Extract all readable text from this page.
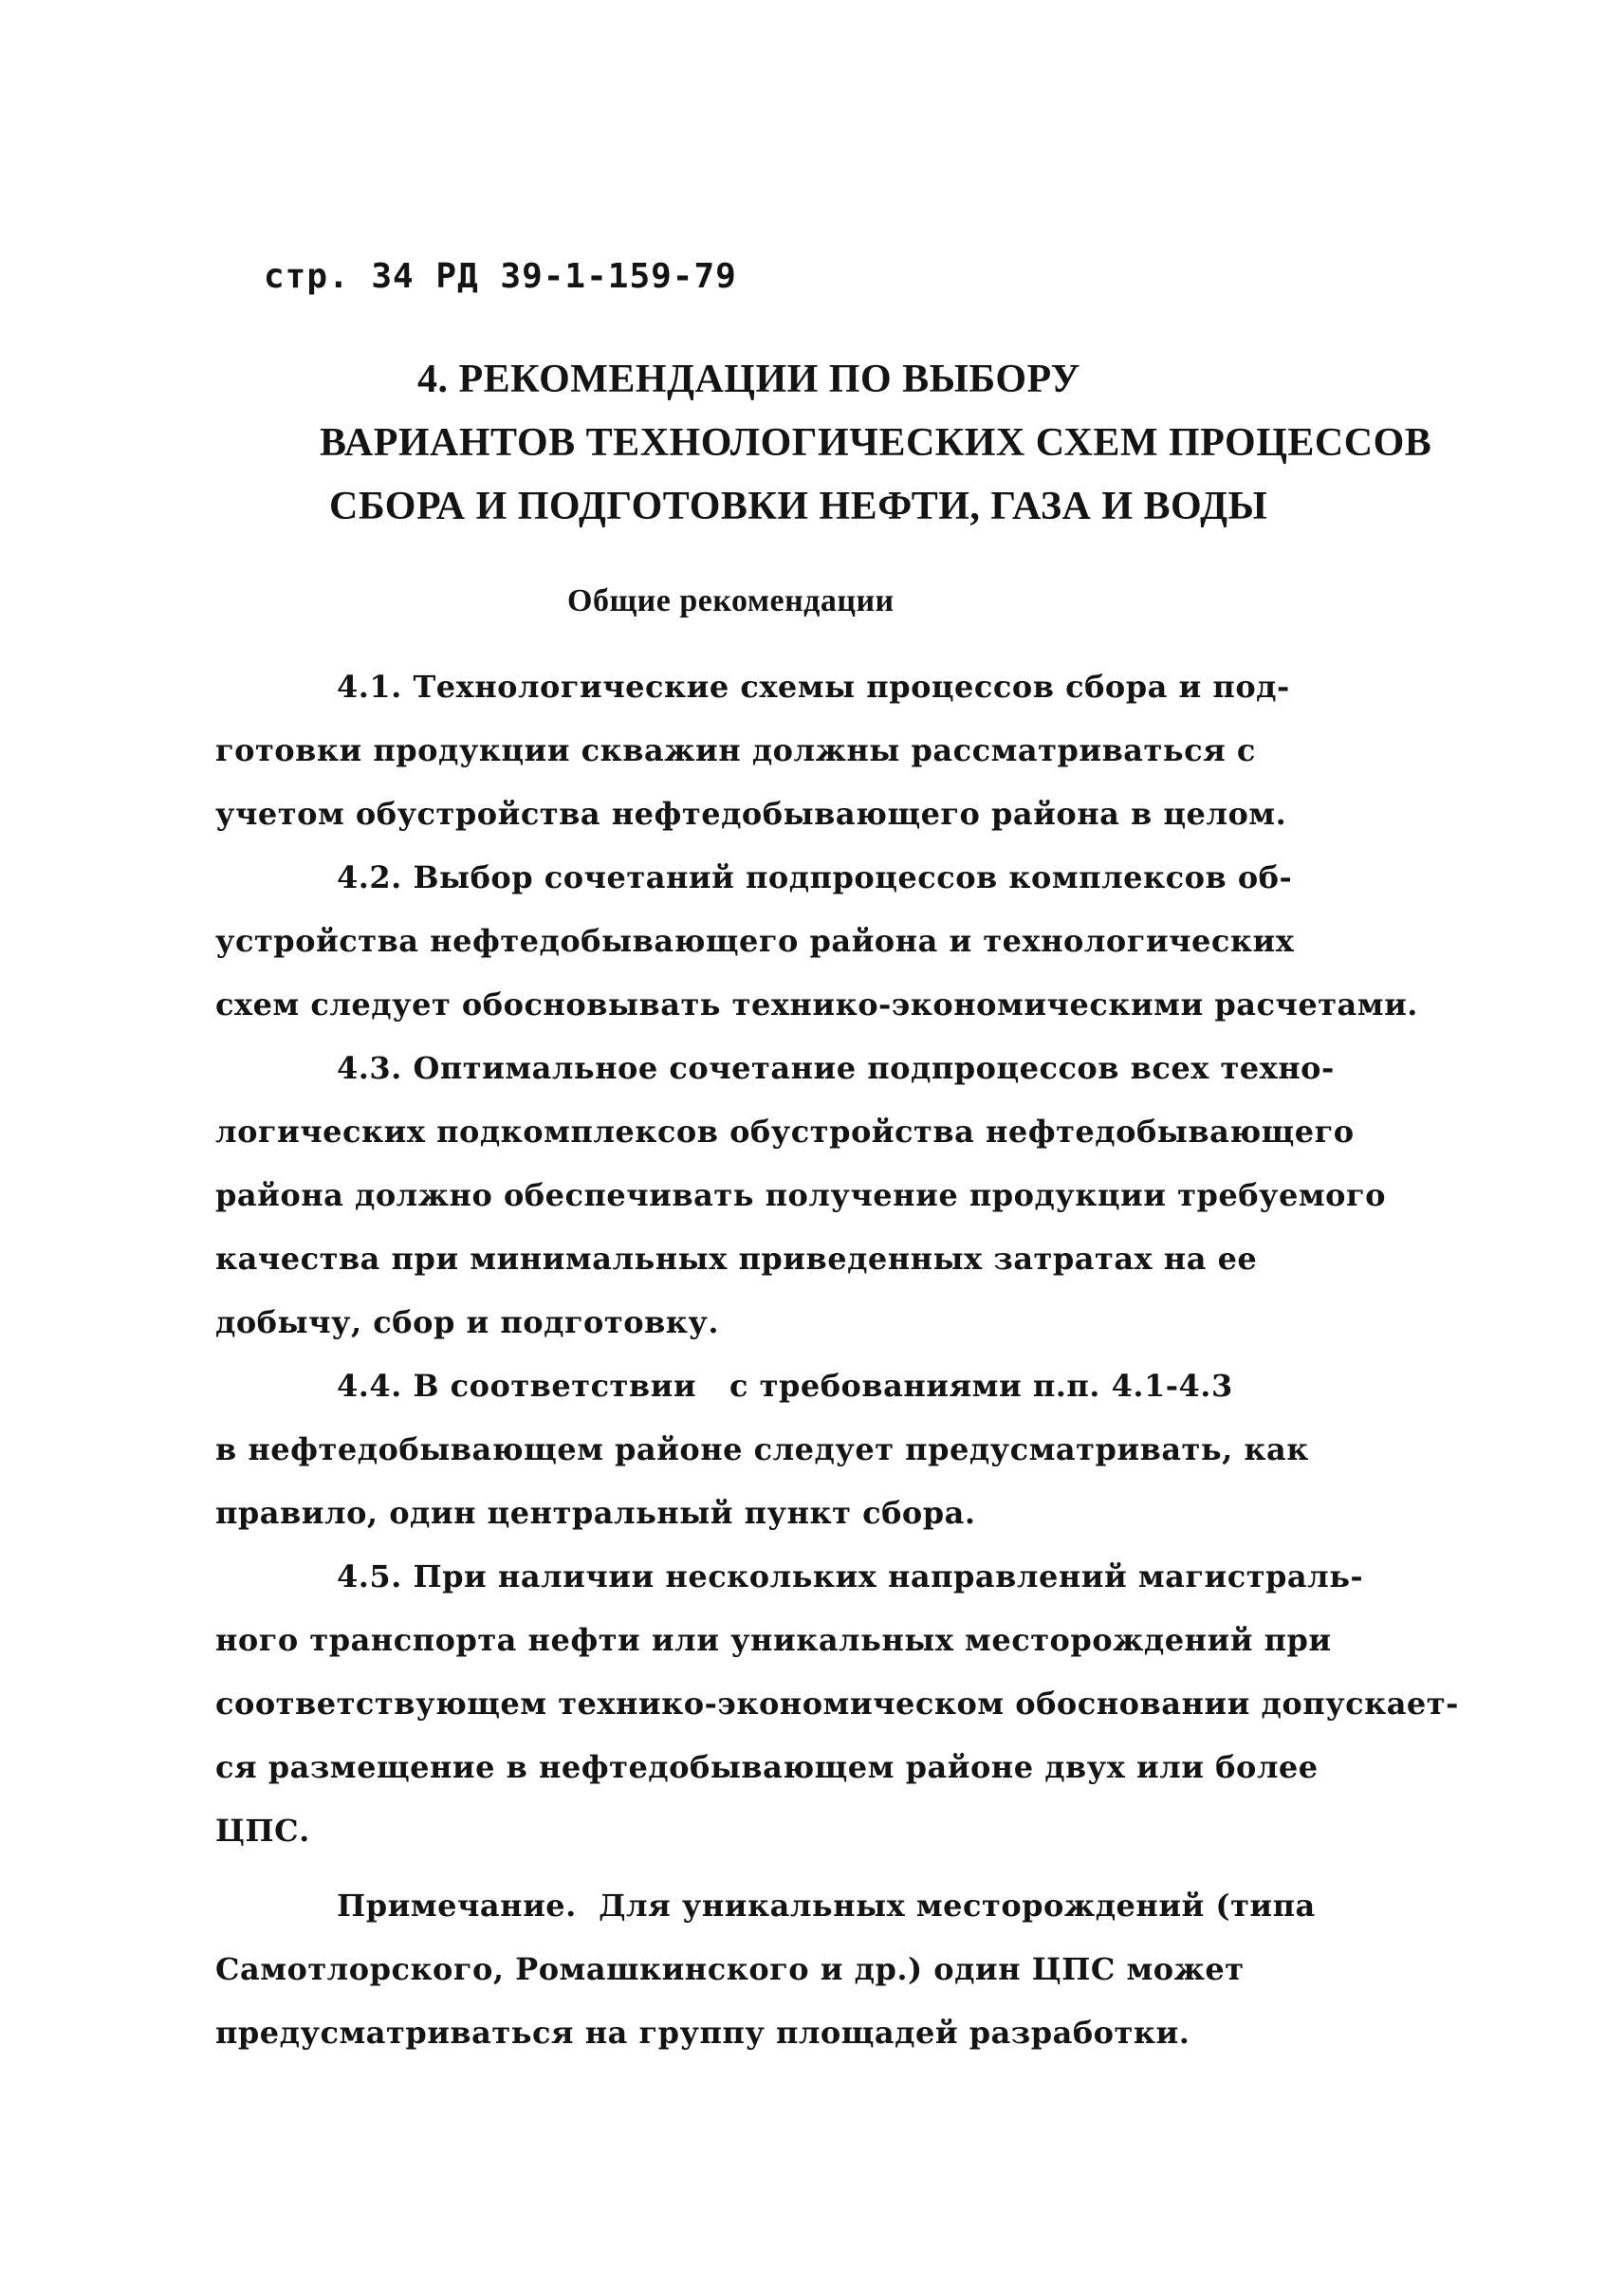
стр. 34 РД 39-1-159-79

4. РЕКОМЕНДАЦИИ ПО ВЫБОРУ

ВАРИАНТОВ ТЕХНОЛОГИЧЕСКИХ СХЕМ ПРОЦЕССОВ

СБОРА И ПОДГОТОВКИ НЕФТИ, ГАЗА И ВОДЫ

Общие рекомендации

4.1. Технологические схемы процессов сбора и под-

готовки продукции скважин должны рассматриваться с

учетом обустройства нефтедобывающего района в целом.

4.2. Выбор сочетаний подпроцессов комплексов об-

устройства нефтедобывающего района и технологических

схем следует обосновывать технико-экономическими расчетами.

4.3. Оптимальное сочетание подпроцессов всех техно-

логических подкомплексов обустройства нефтедобывающего

района должно обеспечивать получение продукции требуемого

качества при минимальных приведенных затратах на ее

добычу, сбор и подготовку.

4.4. В соответствии   с требованиями п.п. 4.1-4.3

в нефтедобывающем районе следует предусматривать, как

правило, один центральный пункт сбора.

4.5. При наличии нескольких направлений магистраль-

ного транспорта нефти или уникальных месторождений при

соответствующем технико-экономическом обосновании допускает-

ся размещение в нефтедобывающем районе двух или более

ЦПС.

Примечание.  Для уникальных месторождений (типа

Самотлорского, Ромашкинского и др.) один ЦПС может

предусматриваться на группу площадей разработки.
